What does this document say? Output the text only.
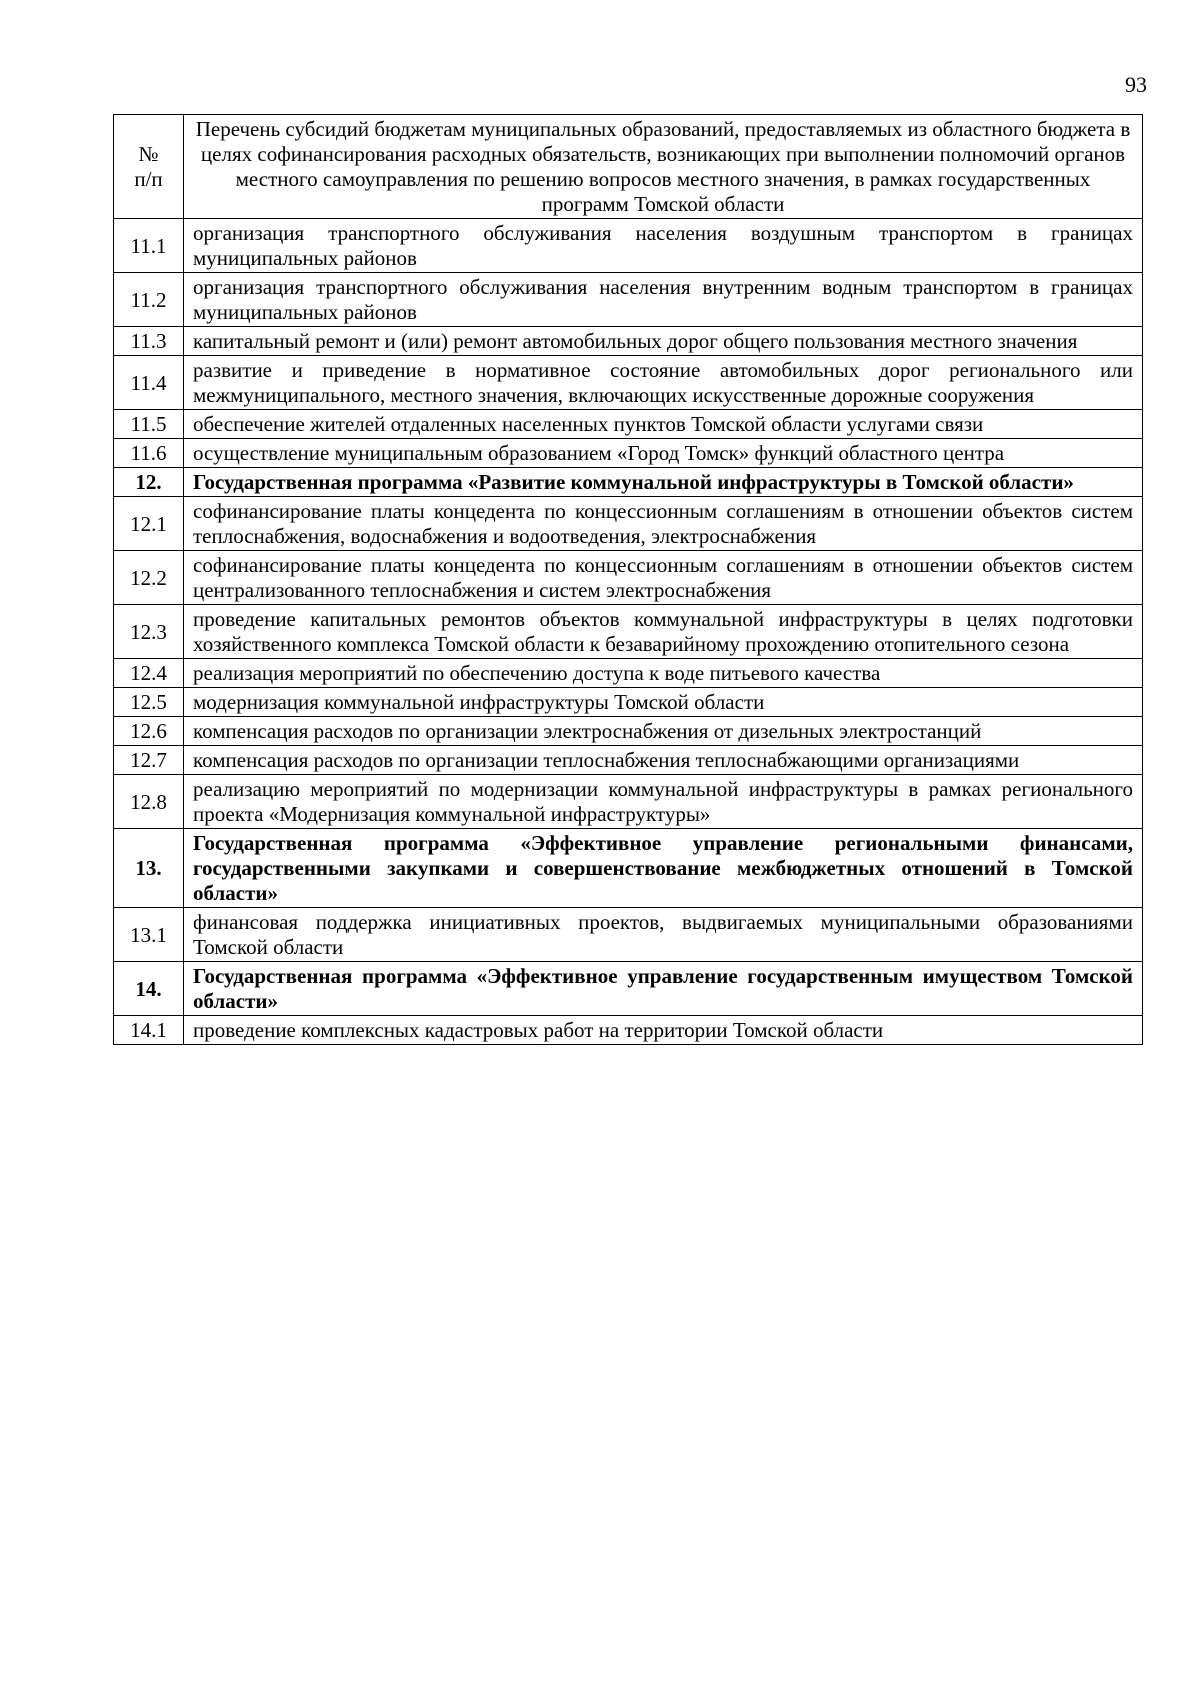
93
№
п/п	Перечень субсидий бюджетам муниципальных образований, предоставляемых из областного бюджета в целях софинансирования расходных обязательств, возникающих при выполнении полномочий органов местного самоуправления по решению вопросов местного значения, в рамках государственных программ Томской области
11.1	организация транспортного обслуживания населения воздушным транспортом в границах муниципальных районов
11.2	организация транспортного обслуживания населения внутренним водным транспортом в границах муниципальных районов
11.3	капитальный ремонт и (или) ремонт автомобильных дорог общего пользования местного значения
11.4	развитие и приведение в нормативное состояние автомобильных дорог регионального или межмуниципального, местного значения, включающих искусственные дорожные сооружения
11.5	обеспечение жителей отдаленных населенных пунктов Томской области услугами связи
11.6	осуществление муниципальным образованием «Город Томск» функций областного центра
12.	Государственная программа «Развитие коммунальной инфраструктуры в Томской области»
12.1	софинансирование платы концедента по концессионным соглашениям в отношении объектов систем теплоснабжения, водоснабжения и водоотведения, электроснабжения
12.2	софинансирование платы концедента по концессионным соглашениям в отношении объектов систем централизованного теплоснабжения и систем электроснабжения
12.3	проведение капитальных ремонтов объектов коммунальной инфраструктуры в целях подготовки хозяйственного комплекса Томской области к безаварийному прохождению отопительного сезона
12.4	реализация мероприятий по обеспечению доступа к воде питьевого качества
12.5	модернизация коммунальной инфраструктуры Томской области
12.6	компенсация расходов по организации электроснабжения от дизельных электростанций
12.7	компенсация расходов по организации теплоснабжения теплоснабжающими организациями
12.8	реализацию мероприятий по модернизации коммунальной инфраструктуры в рамках регионального проекта «Модернизация коммунальной инфраструктуры»
13.	Государственная программа «Эффективное управление региональными финансами, государственными закупками и совершенствование межбюджетных отношений в Томской области»
13.1	финансовая поддержка инициативных проектов, выдвигаемых муниципальными образованиями Томской области
14.	Государственная программа «Эффективное управление государственным имуществом Томской области»
14.1	проведение комплексных кадастровых работ на территории Томской области
